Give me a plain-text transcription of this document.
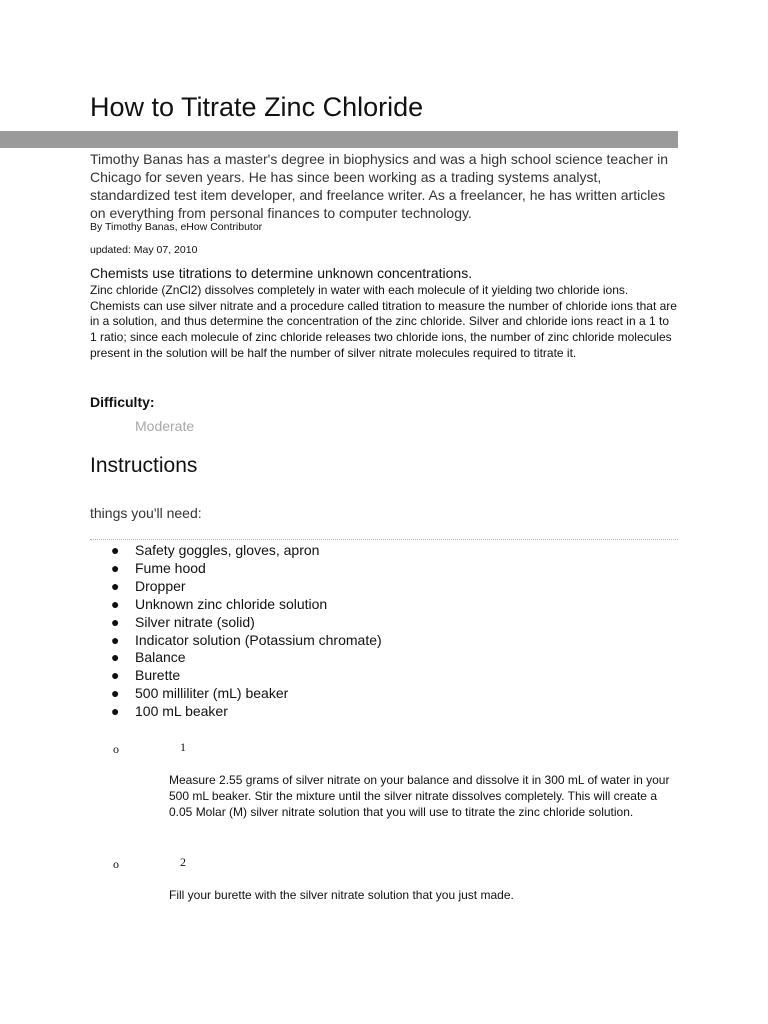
How to Titrate Zinc Chloride

Timothy Banas has a master's degree in biophysics and was a high school science teacher in Chicago for seven years. He has since been working as a trading systems analyst, standardized test item developer, and freelance writer. As a freelancer, he has written articles on everything from personal finances to computer technology.

By Timothy Banas, eHow Contributor
updated: May 07, 2010
Chemists use titrations to determine unknown concentrations.

Zinc chloride (ZnCl2) dissolves completely in water with each molecule of it yielding two chloride ions. Chemists can use silver nitrate and a procedure called titration to measure the number of chloride ions that are in a solution, and thus determine the concentration of the zinc chloride. Silver and chloride ions react in a 1 to 1 ratio; since each molecule of zinc chloride releases two chloride ions, the number of zinc chloride molecules present in the solution will be half the number of silver nitrate molecules required to titrate it.

Difficulty:
Moderate
Instructions
things you'll need:
● Safety goggles, gloves, apron
● Fume hood
● Dropper
● Unknown zinc chloride solution
● Silver nitrate (solid)
● Indicator solution (Potassium chromate)
● Balance
● Burette
● 500 milliliter (mL) beaker
● 100 mL beaker
o	1

Measure 2.55 grams of silver nitrate on your balance and dissolve it in 300 mL of water in your 500 mL beaker. Stir the mixture until the silver nitrate dissolves completely. This will create a 0.05 Molar (M) silver nitrate solution that you will use to titrate the zinc chloride solution.

o	2

Fill your burette with the silver nitrate solution that you just made.
